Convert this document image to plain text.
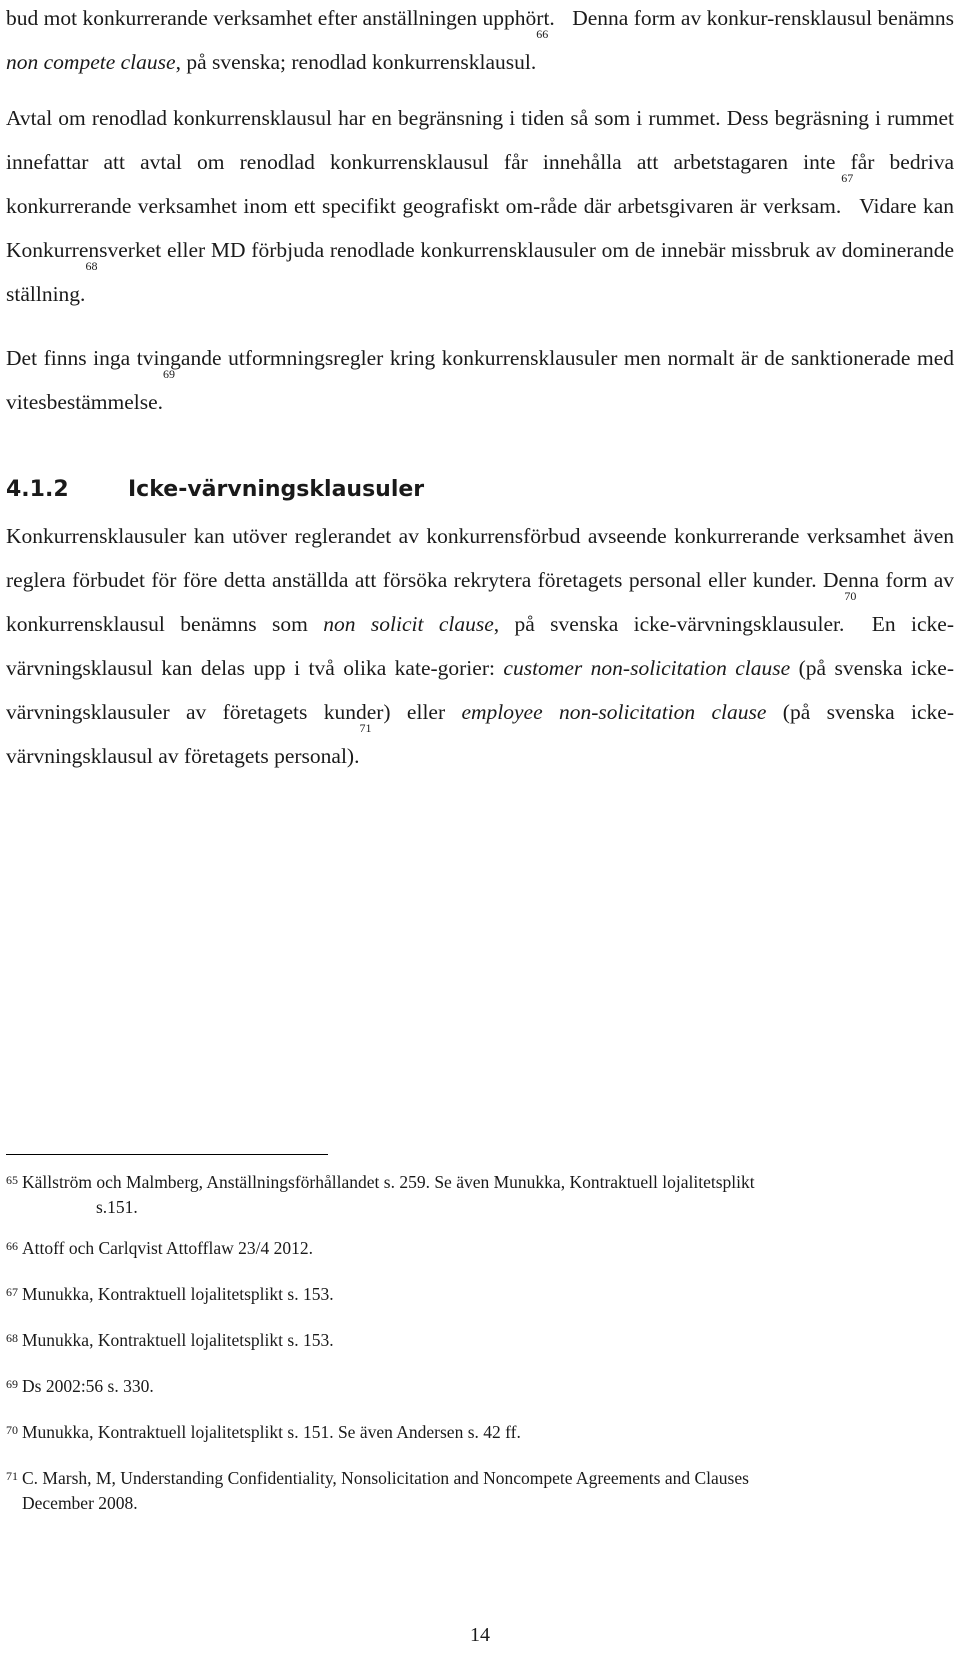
bud mot konkurrerande verksamhet efter anställningen upphört. Denna form av konkur-rensklausul benämns non compete clause, på svenska; renodlad konkurrensklausul.$^{66}$

Avtal om renodlad konkurrensklausul har en begränsning i tiden så som i rummet. Dess begräsning i rummet innefattar att avtal om renodlad konkurrensklausul får innehålla att arbetstagaren inte får bedriva konkurrerande verksamhet inom ett specifikt geografiskt om-råde där arbetsgivaren är verksam.$^{67}$ Vidare kan Konkurrensverket eller MD förbjuda renodlade konkurrensklausuler om de innebär missbruk av dominerande ställning.$^{68}$

Det finns inga tvingande utformningsregler kring konkurrensklausuler men normalt är de sanktionerade med vitesbestämmelse.$^{69}$

4.1.2	Icke-värvningsklausuler

Konkurrensklausuler kan utöver reglerandet av konkurrensförbud avseende konkurrerande verksamhet även reglera förbudet för före detta anställda att försöka rekrytera företagets personal eller kunder. Denna form av konkurrensklausul benämns som non solicit clause, på svenska icke-värvningsklausuler.$^{70}$ En icke-värvningsklausul kan delas upp i två olika kate-gorier: customer non-solicitation clause (på svenska icke-värvningsklausuler av företagets kunder) eller employee non-solicitation clause (på svenska icke-värvningsklausul av företagets personal).$^{71}$

65 Källström och Malmberg, Anställningsförhållandet s. 259. Se även Munukka, Kontraktuell lojalitetsplikt
s.151.

66 Attoff och Carlqvist Attofflaw 23/4 2012.

67 Munukka, Kontraktuell lojalitetsplikt s. 153.

68 Munukka, Kontraktuell lojalitetsplikt s. 153.

69 Ds 2002:56 s. 330.

70 Munukka, Kontraktuell lojalitetsplikt s. 151. Se även Andersen s. 42 ff.

71 C. Marsh, M, Understanding Confidentiality, Nonsolicitation and Noncompete Agreements and Clauses
December 2008.

14
